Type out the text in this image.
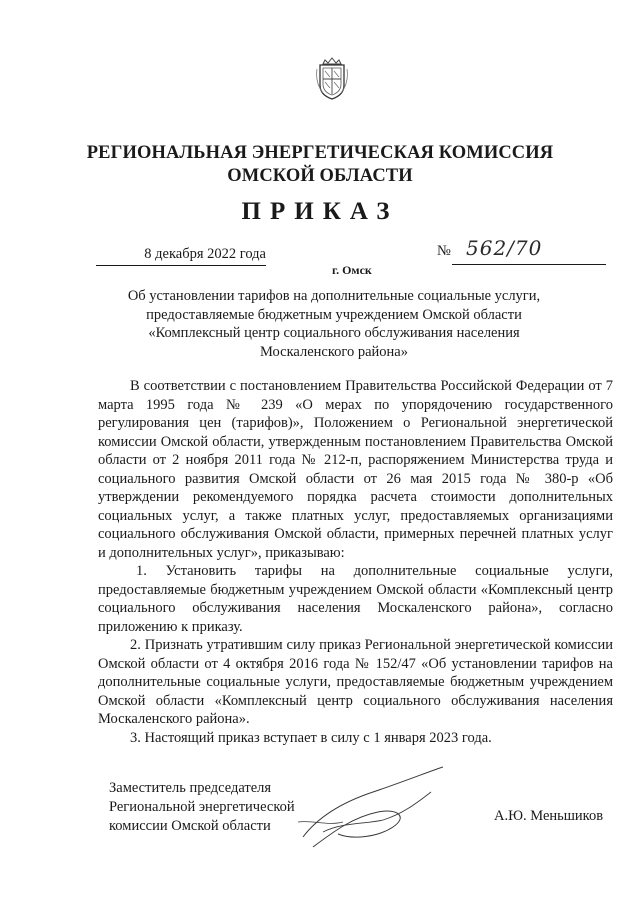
РЕГИОНАЛЬНАЯ ЭНЕРГЕТИЧЕСКАЯ КОМИССИЯ
ОМСКОЙ ОБЛАСТИ
ПРИКАЗ
8 декабря 2022 года	№ 562/70
г. Омск
Об установлении тарифов на дополнительные социальные услуги,
предоставляемые бюджетным учреждением Омской области
«Комплексный центр социального обслуживания населения
Москаленского района»

В соответствии с постановлением Правительства Российской Федерации от 7 марта 1995 года № 239 «О мерах по упорядочению государственного регулирования цен (тарифов)», Положением о Региональной энергетической комиссии Омской области, утвержденным постановлением Правительства Омской области от 2 ноября 2011 года № 212-п, распоряжением Министерства труда и социального развития Омской области от 26 мая 2015 года № 380-р «Об утверждении рекомендуемого порядка расчета стоимости дополнительных социальных услуг, а также платных услуг, предоставляемых организациями социального обслуживания Омской области, примерных перечней платных услуг и дополнительных услуг», приказываю:

1. Установить тарифы на дополнительные социальные услуги, предоставляемые бюджетным учреждением Омской области «Комплексный центр социального обслуживания населения Москаленского района», согласно приложению к приказу.

2. Признать утратившим силу приказ Региональной энергетической комиссии Омской области от 4 октября 2016 года № 152/47 «Об установлении тарифов на дополнительные социальные услуги, предоставляемые бюджетным учреждением Омской области «Комплексный центр социального обслуживания населения Москаленского района».

3. Настоящий приказ вступает в силу с 1 января 2023 года.

Заместитель председателя
Региональной энергетической
комиссии Омской области
А.Ю. Меньшиков
